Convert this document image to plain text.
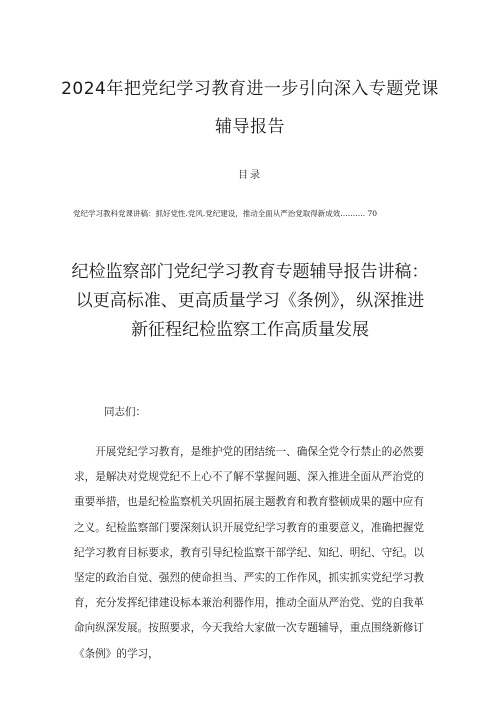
2024年把党纪学习教育进一步引向深入专题党课辅导报告
目录
党纪学习教科党课讲稿：抓好党性.党风.党纪建设，推动全面从严治党取得新成效………. 70
纪检监察部门党纪学习教育专题辅导报告讲稿：以更高标准、更高质量学习《条例》，纵深推进新征程纪检监察工作高质量发展
同志们：

开展党纪学习教育，是维护党的团结统一、确保全党令行禁止的必然要求，是解决对党规党纪不上心不了解不掌握问题、深入推进全面从严治党的重要举措，也是纪检监察机关巩固拓展主题教育和教育整顿成果的题中应有之义。纪检监察部门要深刻认识开展党纪学习教育的重要意义，准确把握党纪学习教育目标要求，教育引导纪检监察干部学纪、知纪、明纪、守纪。以坚定的政治自觉、强烈的使命担当、严实的工作作风，抓实抓实党纪学习教育，充分发挥纪律建设标本兼治利器作用，推动全面从严治党、党的自我革命向纵深发展。按照要求，今天我给大家做一次专题辅导，重点围绕新修订《条例》的学习，
